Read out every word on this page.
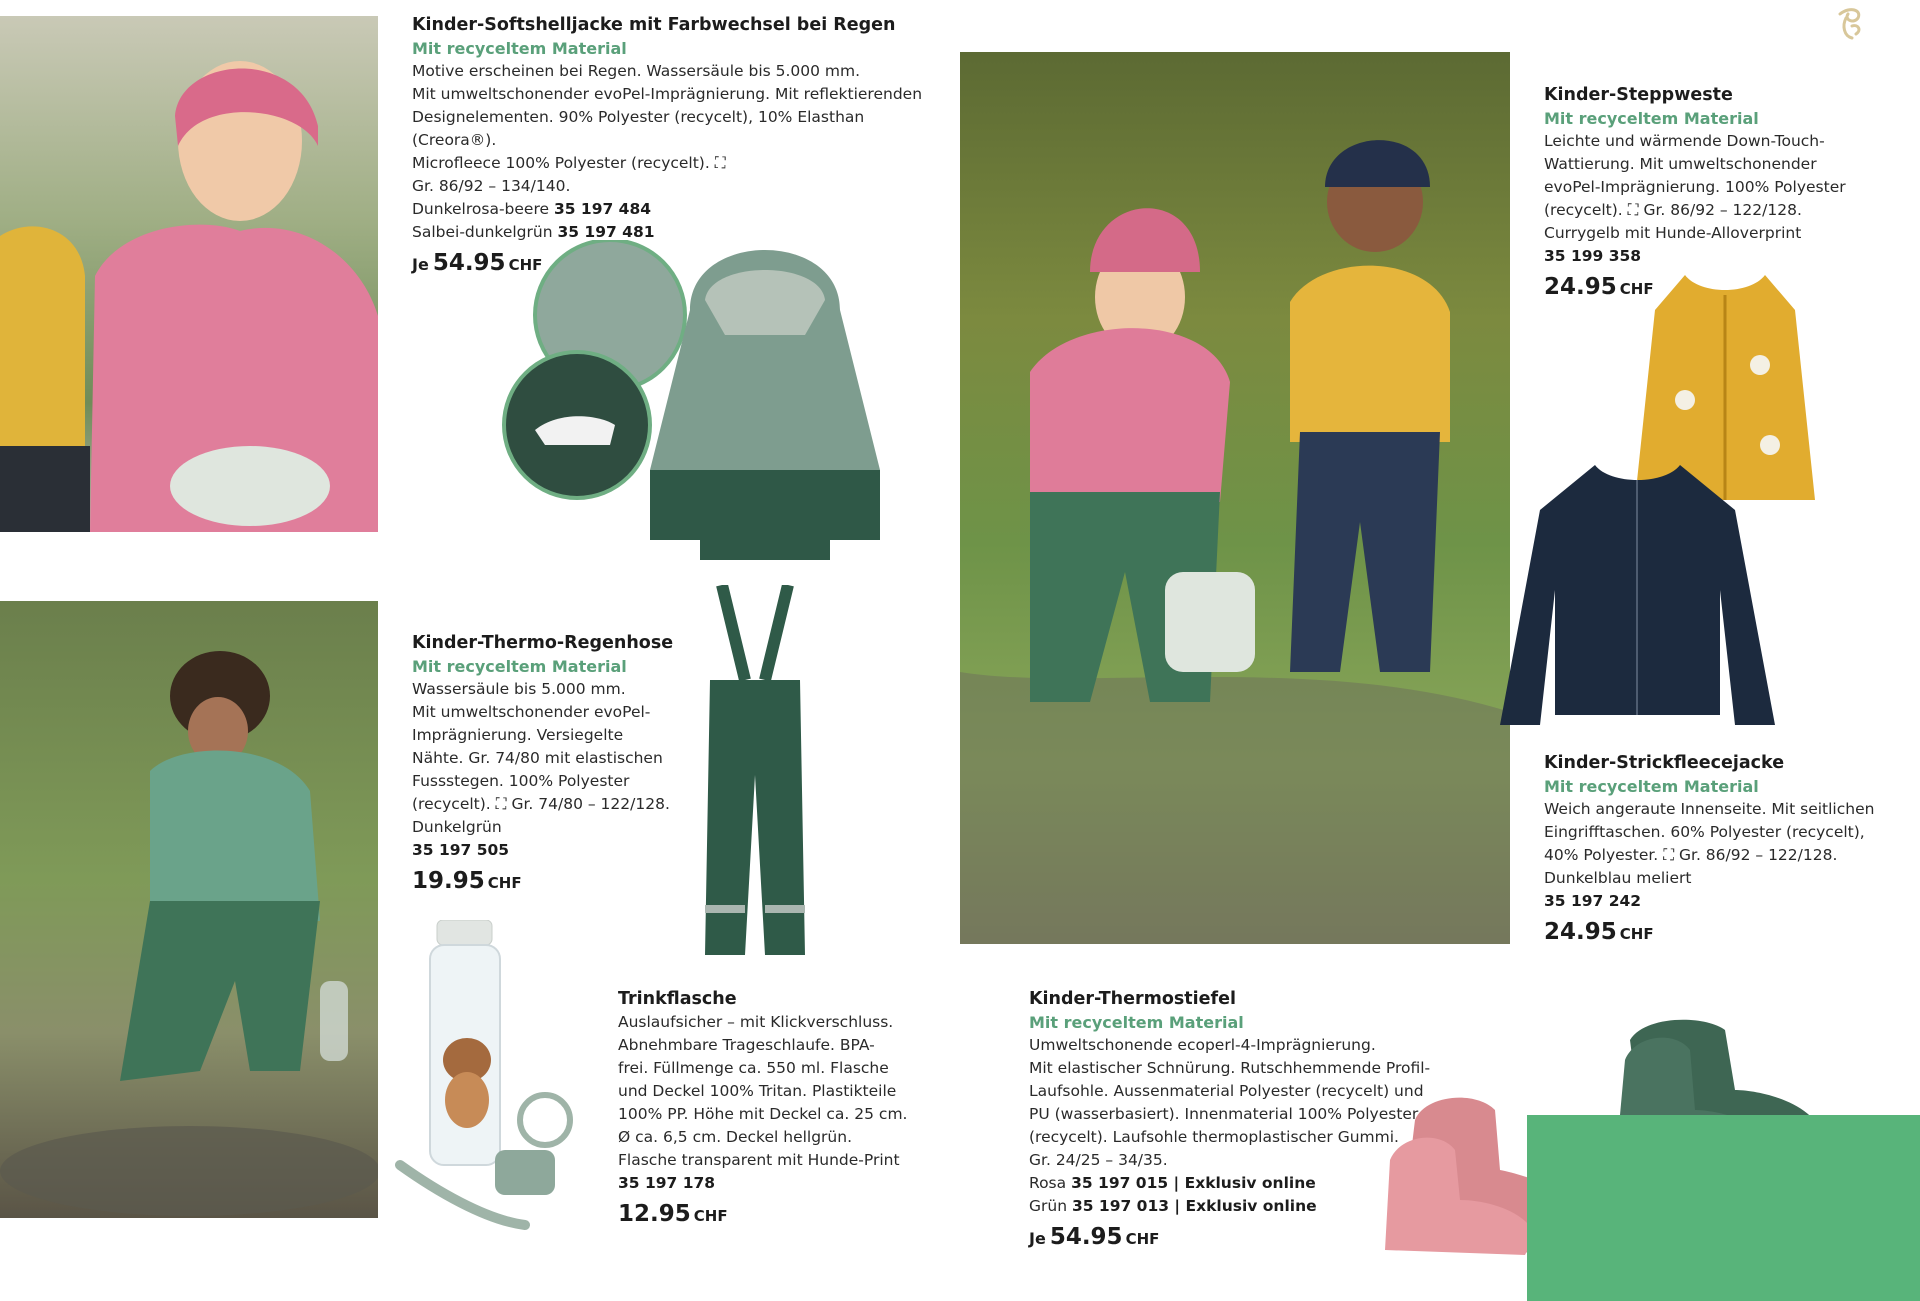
Kinder-Softshelljacke mit Farbwechsel bei Regen
Mit recyceltem Material
Motive erscheinen bei Regen. Wassersäule bis 5.000 mm.
Mit umweltschonender evoPel-Imprägnierung. Mit reflektierenden
Designelementen. 90% Polyester (recycelt), 10% Elasthan (Creora®).
Microfleece 100% Polyester (recycelt). ⛶
Gr. 86/92 – 134/140.
Dunkelrosa-beere 35 197 484
Salbei-dunkelgrün 35 197 481
Je 54.95 CHF
Kinder-Thermo-Regenhose
Mit recyceltem Material
Wassersäule bis 5.000 mm.
Mit umweltschonender evoPel-
Imprägnierung. Versiegelte
Nähte. Gr. 74/80 mit elastischen
Fussstegen. 100% Polyester
(recycelt). ⛶ Gr. 74/80 – 122/128.
Dunkelgrün
35 197 505
19.95 CHF
Trinkflasche
Auslaufsicher – mit Klickverschluss.
Abnehmbare Trageschlaufe. BPA-
frei. Füllmenge ca. 550 ml. Flasche
und Deckel 100% Tritan. Plastikteile
100% PP. Höhe mit Deckel ca. 25 cm.
Ø ca. 6,5 cm. Deckel hellgrün.
Flasche transparent mit Hunde-Print
35 197 178
12.95 CHF
Kinder-Steppweste
Mit recyceltem Material
Leichte und wärmende Down-Touch-
Wattierung. Mit umweltschonender
evoPel-Imprägnierung. 100% Polyester
(recycelt). ⛶ Gr. 86/92 – 122/128.
Currygelb mit Hunde-Alloverprint
35 199 358
24.95 CHF
Kinder-Strickfleecejacke
Mit recyceltem Material
Weich angeraute Innenseite. Mit seitlichen
Eingrifftaschen. 60% Polyester (recycelt),
40% Polyester. ⛶ Gr. 86/92 – 122/128.
Dunkelblau meliert
35 197 242
24.95 CHF
Kinder-Thermostiefel
Mit recyceltem Material
Umweltschonende ecoperl-4-Imprägnierung.
Mit elastischer Schnürung. Rutschhemmende Profil-
Laufsohle. Aussenmaterial Polyester (recycelt) und
PU (wasserbasiert). Innenmaterial 100% Polyester
(recycelt). Laufsohle thermoplastischer Gummi.
Gr. 24/25 – 34/35.
Rosa 35 197 015 | Exklusiv online
Grün 35 197 013 | Exklusiv online
Je 54.95 CHF
